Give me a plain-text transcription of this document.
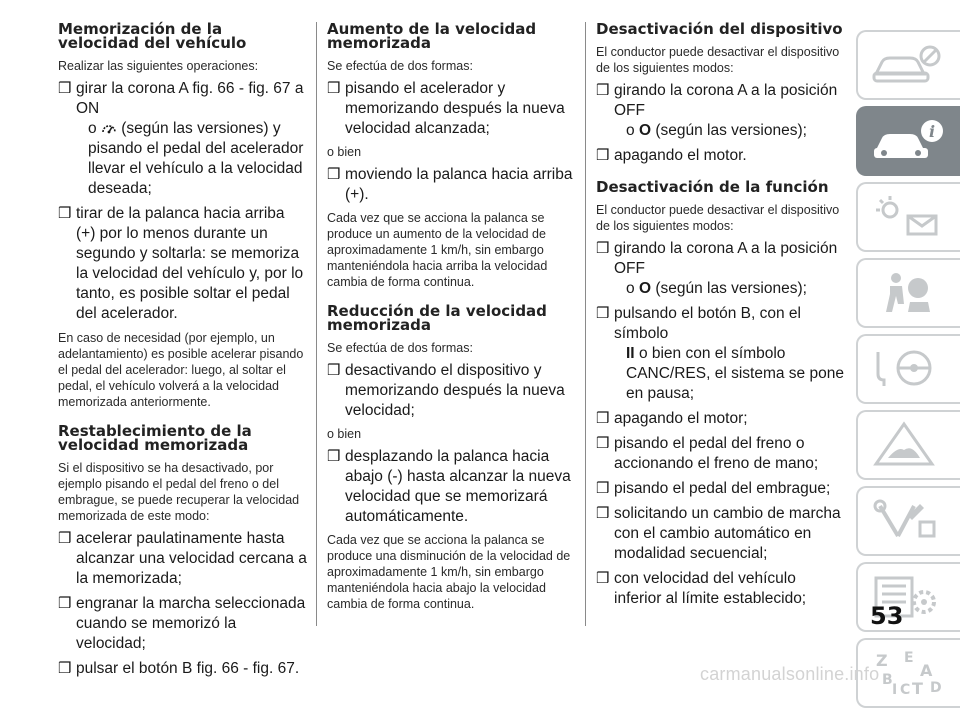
Memorización de la velocidad del vehículo

Realizar las siguientes operaciones:

❒ girar la corona A fig. 66 - fig. 67 a ON
o (según las versiones) y pisando el pedal del acelerador llevar el vehículo a la velocidad deseada;
❒ tirar de la palanca hacia arriba (+) por lo menos durante un segundo y soltarla: se memoriza la velocidad del vehículo y, por lo tanto, es posible soltar el pedal del acelerador.

En caso de necesidad (por ejemplo, un adelantamiento) es posible acelerar pisando el pedal del acelerador: luego, al soltar el pedal, el vehículo volverá a la velocidad memorizada anteriormente.

Restablecimiento de la velocidad memorizada

Si el dispositivo se ha desactivado, por ejemplo pisando el pedal del freno o del embrague, se puede recuperar la velocidad memorizada de este modo:

❒ acelerar paulatinamente hasta alcanzar una velocidad cercana a la memorizada;
❒ engranar la marcha seleccionada cuando se memorizó la velocidad;
❒ pulsar el botón B fig. 66 - fig. 67.
Aumento de la velocidad memorizada

Se efectúa de dos formas:

❒ pisando el acelerador y memorizando después la nueva velocidad alcanzada;

o bien

❒ moviendo la palanca hacia arriba (+).

Cada vez que se acciona la palanca se produce un aumento de la velocidad de aproximadamente 1 km/h, sin embargo manteniéndola hacia arriba la velocidad cambia de forma continua.

Reducción de la velocidad memorizada

Se efectúa de dos formas:

❒ desactivando el dispositivo y memorizando después la nueva velocidad;

o bien

❒ desplazando la palanca hacia abajo (-) hasta alcanzar la nueva velocidad que se memorizará automáticamente.

Cada vez que se acciona la palanca se produce una disminución de la velocidad de aproximadamente 1 km/h, sin embargo manteniéndola hacia abajo la velocidad cambia de forma continua.

Desactivación del dispositivo

El conductor puede desactivar el dispositivo de los siguientes modos:

❒ girando la corona A a la posición OFF
o O (según las versiones);
❒ apagando el motor.
Desactivación de la función

El conductor puede desactivar el dispositivo de los siguientes modos:

❒ girando la corona A a la posición OFF
o O (según las versiones);
❒ pulsando el botón B, con el símbolo
II o bien con el símbolo CANC/RES, el sistema se pone en pausa;
❒ apagando el motor;
❒ pisando el pedal del freno o accionando el freno de mano;
❒ pisando el pedal del embrague;
❒ solicitando un cambio de marcha con el cambio automático en modalidad secuencial;
❒ con velocidad del vehículo inferior al límite establecido;
i
Z E
A
B
I C T D
53
carmanualsonline.info
